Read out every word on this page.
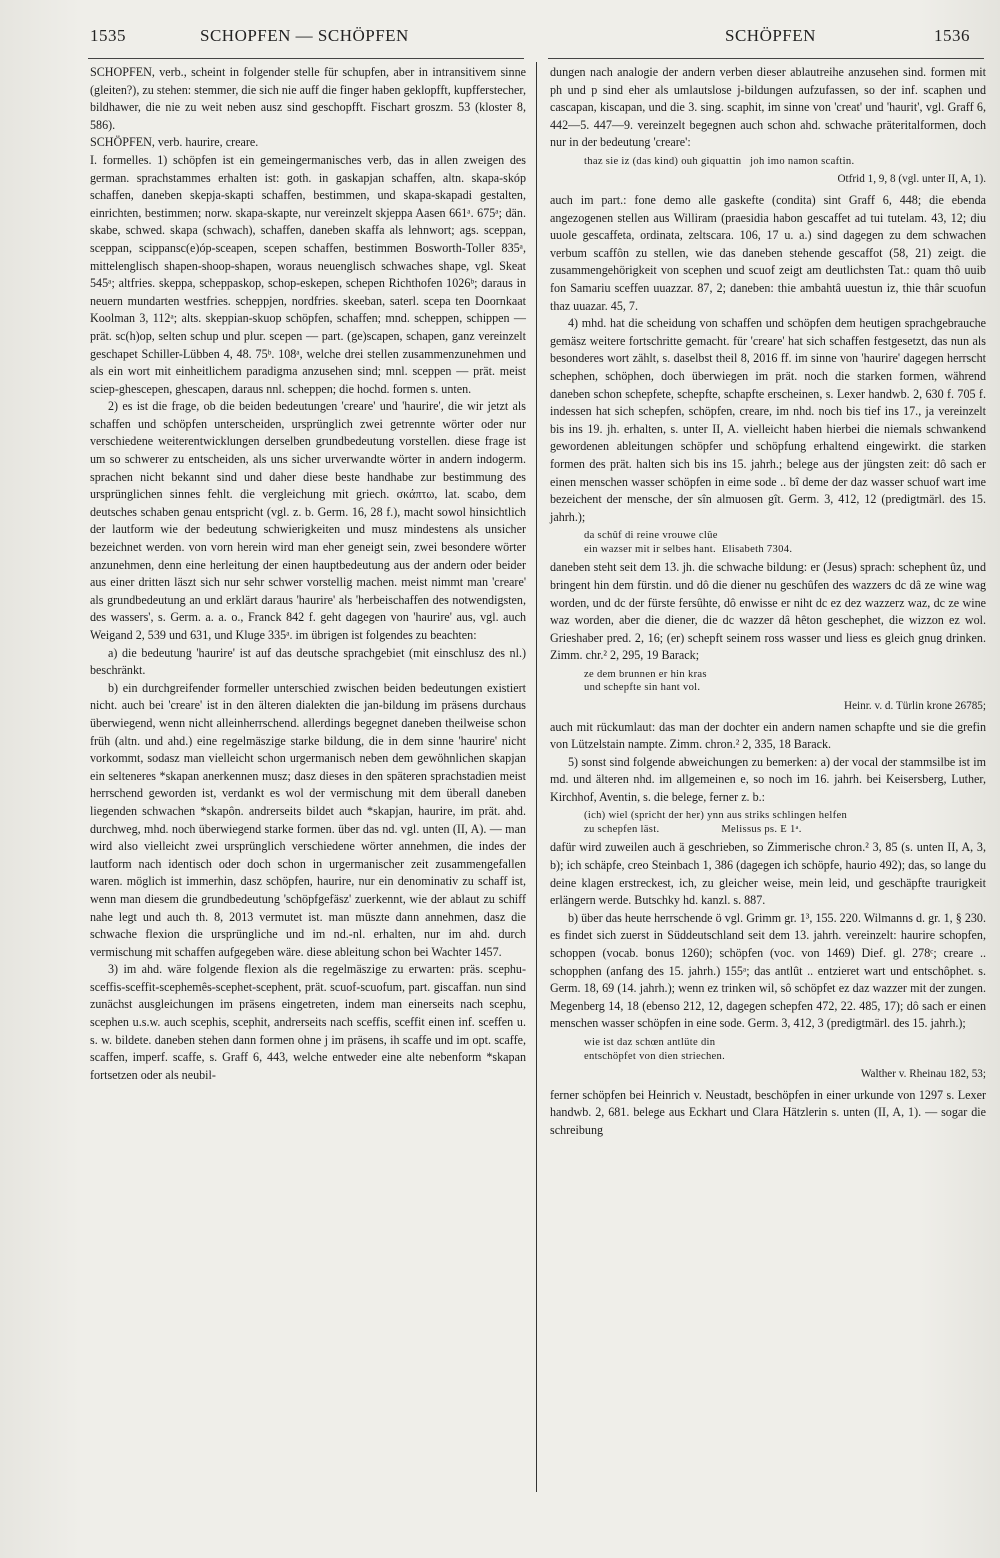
1535	SCHOPFEN — SCHÖPFEN	SCHÖPFEN	1536

SCHOPFEN, verb., scheint in folgender stelle für schupfen, aber in intransitivem sinne (gleiten?), zu stehen: stemmer, die sich nie auff die finger haben geklopfft, kupfferstecher, bildhawer, die nie zu weit neben ausz sind geschopfft. Fischart groszm. 53 (kloster 8, 586).

SCHÖPFEN, verb. haurire, creare.

I. formelles. 1) schöpfen ist ein gemeingermanisches verb, das in allen zweigen des german. sprachstammes erhalten ist: goth. in gaskapjan schaffen, altn. skapa-skóp schaffen, daneben skepja-skapti schaffen, bestimmen, und skapa-skapadi gestalten, einrichten, bestimmen; norw. skapa-skapte, nur vereinzelt skjeppa Aasen 661ᵃ. 675ᵃ; dän. skabe, schwed. skapa (schwach), schaffen, daneben skaffa als lehnwort; ags. sceppan, sceppan, scippansc(e)óp-sceapen, scepen schaffen, bestimmen Bosworth-Toller 835ᵃ, mittelenglisch shapen-shoop-shapen, woraus neuenglisch schwaches shape, vgl. Skeat 545ᵃ; altfries. skeppa, scheppaskop, schop-eskepen, schepen Richthofen 1026ᵇ; daraus in neuern mundarten westfries. scheppjen, nordfries. skeeban, saterl. scepa ten Doornkaat Koolman 3, 112ᵃ; alts. skeppian-skuop schöpfen, schaffen; mnd. scheppen, schippen — prät. sc(h)op, selten schup und plur. scepen — part. (ge)scapen, schapen, ganz vereinzelt geschapet Schiller-Lübben 4, 48. 75ᵇ. 108ᵃ, welche drei stellen zusammenzunehmen und als ein wort mit einheitlichem paradigma anzusehen sind; mnl. sceppen — prät. meist sciep-ghescepen, ghescapen, daraus nnl. scheppen; die hochd. formen s. unten.

2) es ist die frage, ob die beiden bedeutungen 'creare' und 'haurire', die wir jetzt als schaffen und schöpfen unterscheiden, ursprünglich zwei getrennte wörter oder nur verschiedene weiterentwicklungen derselben grundbedeutung vorstellen. diese frage ist um so schwerer zu entscheiden, als uns sicher urverwandte wörter in andern indogerm. sprachen nicht bekannt sind und daher diese beste handhabe zur bestimmung des ursprünglichen sinnes fehlt. die vergleichung mit griech. σκάπτω, lat. scabo, dem deutsches schaben genau entspricht (vgl. z. b. Germ. 16, 28 f.), macht sowol hinsichtlich der lautform wie der bedeutung schwierigkeiten und musz mindestens als unsicher bezeichnet werden. von vorn herein wird man eher geneigt sein, zwei besondere wörter anzunehmen, denn eine herleitung der einen hauptbedeutung aus der andern oder beider aus einer dritten läszt sich nur sehr schwer vorstellig machen. meist nimmt man 'creare' als grundbedeutung an und erklärt daraus 'haurire' als 'herbeischaffen des notwendigsten, des wassers', s. Germ. a. a. o., Franck 842 f. geht dagegen von 'haurire' aus, vgl. auch Weigand 2, 539 und 631, und Kluge 335ᵃ. im übrigen ist folgendes zu beachten:

a) die bedeutung 'haurire' ist auf das deutsche sprachgebiet (mit einschlusz des nl.) beschränkt.

b) ein durchgreifender formeller unterschied zwischen beiden bedeutungen existiert nicht. auch bei 'creare' ist in den älteren dialekten die jan-bildung im präsens durchaus überwiegend, wenn nicht alleinherrschend. allerdings begegnet daneben theilweise schon früh (altn. und ahd.) eine regelmäszige starke bildung, die in dem sinne 'haurire' nicht vorkommt, sodasz man vielleicht schon urgermanisch neben dem gewöhnlichen skapjan ein selteneres *skapan anerkennen musz; dasz dieses in den späteren sprachstadien meist herrschend geworden ist, verdankt es wol der vermischung mit dem überall daneben liegenden schwachen *skapôn. andrerseits bildet auch *skapjan, haurire, im prät. ahd. durchweg, mhd. noch überwiegend starke formen. über das nd. vgl. unten (II, A). — man wird also vielleicht zwei ursprünglich verschiedene wörter annehmen, die indes der lautform nach identisch oder doch schon in urgermanischer zeit zusammengefallen waren. möglich ist immerhin, dasz schöpfen, haurire, nur ein denominativ zu schaff ist, wenn man diesem die grundbedeutung 'schöpfgefäsz' zuerkennt, wie der ablaut zu schiff nahe legt und auch th. 8, 2013 vermutet ist. man müszte dann annehmen, dasz die schwache flexion die ursprüngliche und im nd.-nl. erhalten, nur im ahd. durch vermischung mit schaffen aufgegeben wäre. diese ableitung schon bei Wachter 1457.

3) im ahd. wäre folgende flexion als die regelmäszige zu erwarten: präs. scephu-sceffis-sceffit-scephemês-scephet-scephent, prät. scuof-scuofum, part. giscaffan. nun sind zunächst ausgleichungen im präsens eingetreten, indem man einerseits nach scephu, scephen u.s.w. auch scephis, scephit, andrerseits nach sceffis, sceffit einen inf. sceffen u. s. w. bildete. daneben stehen dann formen ohne j im präsens, ih scaffe und im opt. scaffe, scaffen, imperf. scaffe, s. Graff 6, 443, welche entweder eine alte nebenform *skapan fortsetzen oder als neubil-

dungen nach analogie der andern verben dieser ablautreihe anzusehen sind. formen mit ph und p sind eher als umlautslose j-bildungen aufzufassen, so der inf. scaphen und cascapan, kiscapan, und die 3. sing. scaphit, im sinne von 'creat' und 'haurit', vgl. Graff 6, 442—5. 447—9. vereinzelt begegnen auch schon ahd. schwache präteritalformen, doch nur in der bedeutung 'creare':

thaz sie iz (das kind) ouh giquattin   joh imo namon scaftin.

Otfrid 1, 9, 8 (vgl. unter II, A, 1).

auch im part.: fone demo alle gaskefte (condita) sint Graff 6, 448; die ebenda angezogenen stellen aus Williram (praesidia habon gescaffet ad tui tutelam. 43, 12; diu uuole gescaffeta, ordinata, zeltscara. 106, 17 u. a.) sind dagegen zu dem schwachen verbum scaffôn zu stellen, wie das daneben stehende gescaffot (58, 21) zeigt. die zusammengehörigkeit von scephen und scuof zeigt am deutlichsten Tat.: quam thô uuib fon Samariu sceffen uuazzar. 87, 2; daneben: thie ambahtâ uuestun iz, thie thâr scuofun thaz uuazar. 45, 7.

4) mhd. hat die scheidung von schaffen und schöpfen dem heutigen sprachgebrauche gemäsz weitere fortschritte gemacht. für 'creare' hat sich schaffen festgesetzt, das nun als besonderes wort zählt, s. daselbst theil 8, 2016 ff. im sinne von 'haurire' dagegen herrscht schephen, schöphen, doch überwiegen im prät. noch die starken formen, während daneben schon schepfete, schepfte, schapfte erscheinen, s. Lexer handwb. 2, 630 f. 705 f. indessen hat sich schepfen, schöpfen, creare, im nhd. noch bis tief ins 17., ja vereinzelt bis ins 19. jh. erhalten, s. unter II, A. vielleicht haben hierbei die niemals schwankend gewordenen ableitungen schöpfer und schöpfung erhaltend eingewirkt. die starken formen des prät. halten sich bis ins 15. jahrh.; belege aus der jüngsten zeit: dô sach er einen menschen wasser schöpfen in eime sode .. bî deme der daz wasser schuof wart ime bezeichent der mensche, der sîn almuosen gît. Germ. 3, 412, 12 (predigtmärl. des 15. jahrh.);

da schûf di reine vrouwe clûe
ein wazser mit ir selbes hant.  Elisabeth 7304.

daneben steht seit dem 13. jh. die schwache bildung: er (Jesus) sprach: schephent ûz, und bringent hin dem fürstin. und dô die diener nu geschûfen des wazzers dc dâ ze wine wag worden, und dc der fürste fersûhte, dô enwisse er niht dc ez dez wazzerz waz, dc ze wine waz worden, aber die diener, die dc wazzer dâ hêton geschephet, die wizzon ez wol. Grieshaber pred. 2, 16; (er) schepft seinem ross wasser und liess es gleich gnug drinken. Zimm. chr.² 2, 295, 19 Barack;

ze dem brunnen er hin kras
und schepfte sin hant vol.

Heinr. v. d. Türlin krone 26785;

auch mit rückumlaut: das man der dochter ein andern namen schapfte und sie die grefin von Lützelstain nampte. Zimm. chron.² 2, 335, 18 Barack.

5) sonst sind folgende abweichungen zu bemerken: a) der vocal der stammsilbe ist im md. und älteren nhd. im allgemeinen e, so noch im 16. jahrh. bei Keisersberg, Luther, Kirchhof, Aventin, s. die belege, ferner z. b.:

(ich) wiel (spricht der her) ynn aus striks schlingen helfen
zu schepfen läst.                     Melissus ps. E 1ᵃ.

dafür wird zuweilen auch ä geschrieben, so Zimmerische chron.² 3, 85 (s. unten II, A, 3, b); ich schäpfe, creo Steinbach 1, 386 (dagegen ich schöpfe, haurio 492); das, so lange du deine klagen erstreckest, ich, zu gleicher weise, mein leid, und geschäpfte traurigkeit erlängern werde. Butschky hd. kanzl. s. 887.

b) über das heute herrschende ö vgl. Grimm gr. 1³, 155. 220. Wilmanns d. gr. 1, § 230. es findet sich zuerst in Süddeutschland seit dem 13. jahrh. vereinzelt: haurire schopfen, schoppen (vocab. bonus 1260); schöpfen (voc. von 1469) Dief. gl. 278ᶜ; creare .. schopphen (anfang des 15. jahrh.) 155ᵃ; das antlût .. entzieret wart und entschôphet. s. Germ. 18, 69 (14. jahrh.); wenn ez trinken wil, sô schöpfet ez daz wazzer mit der zungen. Megenberg 14, 18 (ebenso 212, 12, dagegen schepfen 472, 22. 485, 17); dô sach er einen menschen wasser schöpfen in eine sode. Germ. 3, 412, 3 (predigtmärl. des 15. jahrh.);

wie ist daz schœn antlüte din
entschöpfet von dien striechen.

Walther v. Rheinau 182, 53;

ferner schöpfen bei Heinrich v. Neustadt, beschöpfen in einer urkunde von 1297 s. Lexer handwb. 2, 681. belege aus Eckhart und Clara Hätzlerin s. unten (II, A, 1). — sogar die schreibung
